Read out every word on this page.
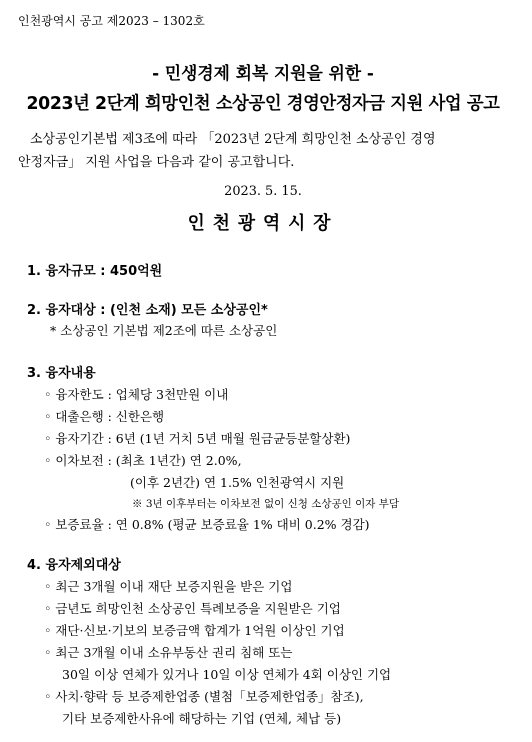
인천광역시 공고 제2023 – 1302호
- 민생경제 회복 지원을 위한 -
2023년 2단계 희망인천 소상공인 경영안정자금 지원 사업 공고
소상공인기본법 제3조에 따라 「2023년 2단계 희망인천 소상공인 경영
안정자금」 지원 사업을 다음과 같이 공고합니다.
2023. 5. 15.
인천광역시장
1. 융자규모 : 450억원
2. 융자대상 : (인천 소재) 모든 소상공인*
* 소상공인 기본법 제2조에 따른 소상공인
3. 융자내용
◦ 융자한도 : 업체당 3천만원 이내
◦ 대출은행 : 신한은행
◦ 융자기간 : 6년 (1년 거치 5년 매월 원금균등분할상환)
◦ 이차보전 : (최초 1년간) 연 2.0%,
(이후 2년간) 연 1.5% 인천광역시 지원
※ 3년 이후부터는 이차보전 없이 신청 소상공인 이자 부담
◦ 보증료율 : 연 0.8% (평균 보증료율 1% 대비 0.2% 경감)
4. 융자제외대상
◦ 최근 3개월 이내 재단 보증지원을 받은 기업
◦ 금년도 희망인천 소상공인 특례보증을 지원받은 기업
◦ 재단·신보·기보의 보증금액 합계가 1억원 이상인 기업
◦ 최근 3개월 이내 소유부동산 권리 침해 또는
30일 이상 연체가 있거나 10일 이상 연체가 4회 이상인 기업
◦ 사치·향락 등 보증제한업종 (별첨「보증제한업종」참조),
기타 보증제한사유에 해당하는 기업 (연체, 체납 등)
